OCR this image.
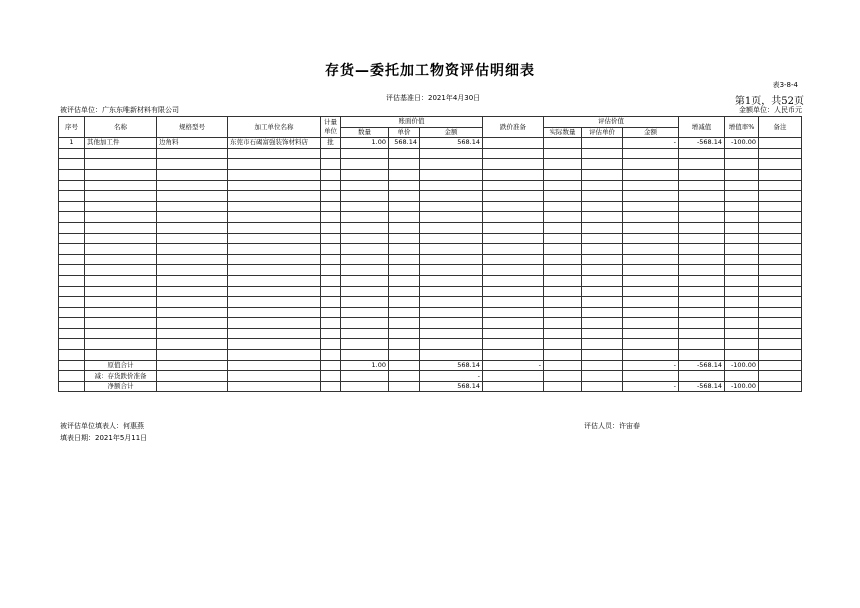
存货—委托加工物资评估明细表
表3-8-4
评估基准日：2021年4月30日	第1页，共52页
被评估单位：广东东唯新材料有限公司	金额单位：人民币元
序号	名称	规格型号	加工单位名称	计量单位	账面价值			跌价准备	评估价值			增减值	增值率%	备注
					数量	单价	金额		实际数量	评估单价	金额			
1	其他加工件	边角料	东莞市石碣富强装饰材料店	批	1.00	568.14	568.14				-	-568.14	-100.00	

	原值合计				1.00		568.14	-			-	-568.14	-100.00	
	减：存货跌价准备						-							
	净额合计						568.14				-	-568.14	-100.00	
被评估单位填表人：何惠燕	评估人员：许宙春
填表日期：2021年5月11日
